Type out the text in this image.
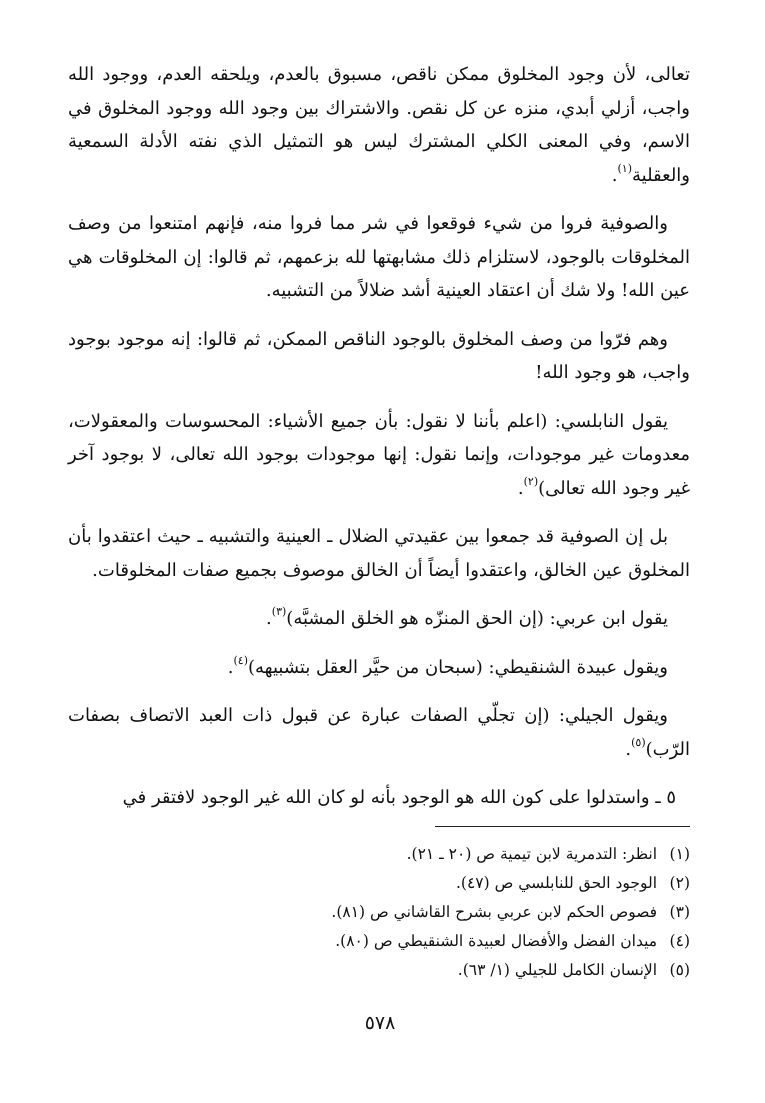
تعالى، لأن وجود المخلوق ممكن ناقص، مسبوق بالعدم، ويلحقه العدم، ووجود الله واجب، أزلي أبدي، منزه عن كل نقص. والاشتراك بين وجود الله ووجود المخلوق في الاسم، وفي المعنى الكلي المشترك ليس هو التمثيل الذي نفته الأدلة السمعية والعقلية$^{(١)}$.

والصوفية فروا من شيء فوقعوا في شر مما فروا منه، فإنهم امتنعوا من وصف المخلوقات بالوجود، لاستلزام ذلك مشابهتها لله بزعمهم، ثم قالوا: إن المخلوقات هي عين الله! ولا شك أن اعتقاد العينية أشد ضلالاً من التشبيه.

وهم فرّوا من وصف المخلوق بالوجود الناقص الممكن، ثم قالوا: إنه موجود بوجود واجب، هو وجود الله!

يقول النابلسي: (اعلم بأننا لا نقول: بأن جميع الأشياء: المحسوسات والمعقولات، معدومات غير موجودات، وإنما نقول: إنها موجودات بوجود الله تعالى، لا بوجود آخر غير وجود الله تعالى)$^{(٢)}$.

بل إن الصوفية قد جمعوا بين عقيدتي الضلال ـ العينية والتشبيه ـ حيث اعتقدوا بأن المخلوق عين الخالق، واعتقدوا أيضاً أن الخالق موصوف بجميع صفات المخلوقات.

يقول ابن عربي: (إن الحق المنزّه هو الخلق المشبَّه)$^{(٣)}$.

ويقول عبيدة الشنقيطي: (سبحان من حيَّر العقل بتشبيهه)$^{(٤)}$.

ويقول الجيلي: (إن تجلّي الصفات عبارة عن قبول ذات العبد الاتصاف بصفات الرّب)$^{(٥)}$.

٥ ـ واستدلوا على كون الله هو الوجود بأنه لو كان الله غير الوجود لافتقر في

(١) انظر: التدمرية لابن تيمية ص (٢٠ ـ ٢١).

(٢) الوجود الحق للنابلسي ص (٤٧).

(٣) فصوص الحكم لابن عربي بشرح القاشاني ص (٨١).

(٤) ميدان الفضل والأفضال لعبيدة الشنقيطي ص (٨٠).

(٥) الإنسان الكامل للجيلي (١/ ٦٣).

٥٧٨
